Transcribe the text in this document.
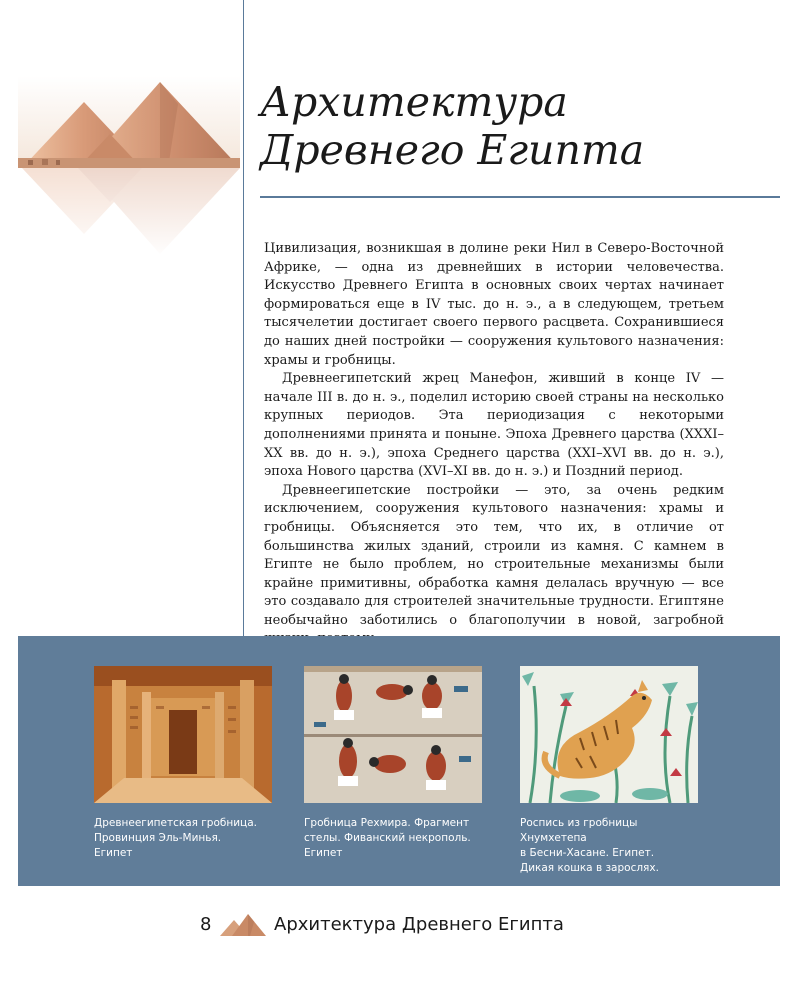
Архитектура
Древнего Египта

Цивилизация, возникшая в долине реки Нил в Северо-Восточной Африке, — одна из древнейших в истории человечества. Искусство Древнего Египта в основных своих чертах начинает формироваться еще в IV тыс. до н. э., а в следующем, третьем тысячелетии достигает своего первого расцвета. Сохранившиеся до наших дней постройки — сооружения культового назначения: храмы и гробницы.

Древнеегипетский жрец Манефон, живший в конце IV — начале III в. до н. э., поделил историю своей страны на несколько крупных периодов. Эта периодизация с некоторыми дополнениями принята и поныне. Эпоха Древнего царства (XXXI–XX вв. до н. э.), эпоха Среднего царства (XXI–XVI вв. до н. э.), эпоха Нового царства (XVI–XI вв. до н. э.) и Поздний период.

Древнеегипетские постройки — это, за очень редким исключением, сооружения культового назначения: храмы и гробницы. Объясняется это тем, что их, в отличие от большинства жилых зданий, строили из камня. С камнем в Египте не было проблем, но строительные механизмы были крайне примитивны, обработка камня делалась вручную — все это создавало для строителей значительные трудности. Египтяне необычайно заботились о благополучии в новой, загробной

Древнеегипетская гробница.
Провинция Эль-Минья.
Египет
Гробница Рехмира. Фрагмент
стелы. Фиванский некрополь.
Египет
Роспись из гробницы Хнумхетепа
в Бесни-Хасане. Египет.
Дикая кошка в зарослях.
8	Архитектура Древнего Египта
